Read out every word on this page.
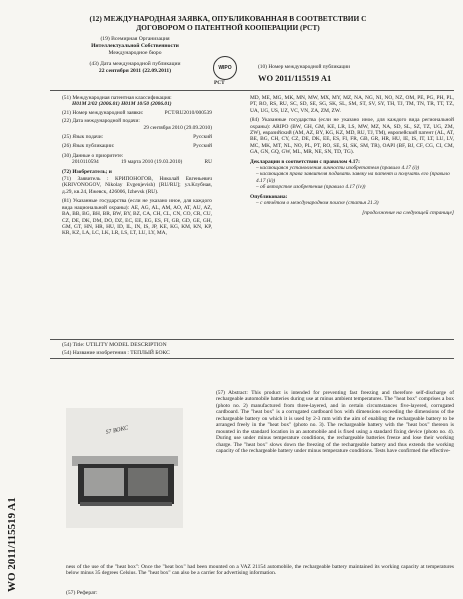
(12) МЕЖДУНАРОДНАЯ ЗАЯВКА, ОПУБЛИКОВАННАЯ В СООТВЕТСТВИИ С
ДОГОВОРОМ О ПАТЕНТНОЙ КООПЕРАЦИИ (PCT)
(19) Всемирная Организация
Интеллектуальной Собственности
Международное бюро
(43) Дата международной публикации
22 сентября 2011 (22.09.2011)	WIPO
PCT
(10) Номер международной публикации
WO 2011/115519 A1
(51) Международная патентная классификация:
H01M 2/02 (2006.01) H01M 10/50 (2006.01)
(21) Номер международной заявки:	PCT/RU2010/000539
(22) Дата международной подачи:
29 сентября 2010 (29.09.2010)
(25) Язык подачи:	Русский
(26) Язык публикации:	Русский
(30) Данные о приоритете:
2010110594	19 марта 2010 (19.03.2010)	RU
(72) Изобретатель; и
(71) Заявитель : КРИПОНОГОВ, Николай Евгеньевич (KRIVONOGOV, Nikolay Evgenjevish) [RU/RU]; ул.Клубная, д.29, кв.24, Ижевск, 426006, Izhevsk (RU).
(81) Указанные государства (если не указано иное, для каждого вида национальной охраны): AE, AG, AL, AM, AO, AT, AU, AZ, BA, BB, BG, BH, BR, BW, BY, BZ, CA, CH, CL, CN, CO, CR, CU, CZ, DE, DK, DM, DO, DZ, EC, EE, EG, ES, FI, GB, GD, GE, GH, GM, GT, HN, HR, HU, ID, IL, IN, IS, JP, KE, KG, KM, KN, KP, KR, KZ, LA, LC, LK, LR, LS, LT, LU, LY, MA,
MD, ME, MG, MK, MN, MW, MX, MY, MZ, NA, NG, NI, NO, NZ, OM, PE, PG, PH, PL, PT, RO, RS, RU, SC, SD, SE, SG, SK, SL, SM, ST, SV, SY, TH, TJ, TM, TN, TR, TT, TZ, UA, UG, US, UZ, VC, VN, ZA, ZM, ZW.
(84) Указанные государства (если не указано иное, для каждого вида региональной охраны): ARIPO (BW, GH, GM, KE, LR, LS, MW, MZ, NA, SD, SL, SZ, TZ, UG, ZM, ZW), евразийский (AM, AZ, BY, KG, KZ, MD, RU, TJ, TM), европейский патент (AL, AT, BE, BG, CH, CY, CZ, DE, DK, EE, ES, FI, FR, GB, GR, HR, HU, IE, IS, IT, LT, LU, LV, MC, MK, MT, NL, NO, PL, PT, RO, SE, SI, SK, SM, TR), OAPI (BF, BJ, CF, CG, CI, CM, GA, GN, GQ, GW, ML, MR, NE, SN, TD, TG).
Декларации в соответствии с правилом 4.17:
– касающаяся установления личности изобретателя (правило 4.17 (i))
– касающаяся права заявителя подавать заявку на патент и получать его (правило 4.17 (ii))
– об авторстве изобретения (правило 4.17 (iv))
Опубликована:
– с отчётом о международном поиске (статья 21.3)
[продолжение на следующей странице]
(54) Title: UTILITY MODEL DESCRIPTION
(54) Название изобретения : ТЕПЛЫЙ БОКС
WO 2011/115519 A1
57 ВОКС
(57) Abstract: This product is intended for preventing fast freezing and therefore self-discharge of rechargeable automobile batteries during use at minus ambient temperatures. The "heat box" comprises a box (photo no. 2) manufactured from three-layered, and in certain circumstances five-layered, corrugated cardboard. The "heat box" is a corrugated cardboard box with dimensions exceeding the dimensions of the rechargeable battery on which it is used by 2-3 mm with the aim of enabling the rechargeable battery to be arranged freely in the "heat box" (photo no. 3). The rechargeable battery with the "heat box" thereon is mounted in the standard location in an automobile and is fixed using a standard fixing device (photo no. 4). During use under minus temperature conditions, the rechargeable batteries freeze and lose their working charge. The "heat box" slows down the freezing of the rechargeable battery and thus extends the working capacity of the rechargeable battery under minus temperature conditions. Tests have confirmed the effective-
ness of the use of the "heat box": Once the "heat box" had been mounted on a VAZ 21154 automobile, the rechargeable battery maintained its working capacity at temperatures below minus 35 degrees Celsius. The "heat box" can also be a carrier for advertising information.
(57) Реферат:
